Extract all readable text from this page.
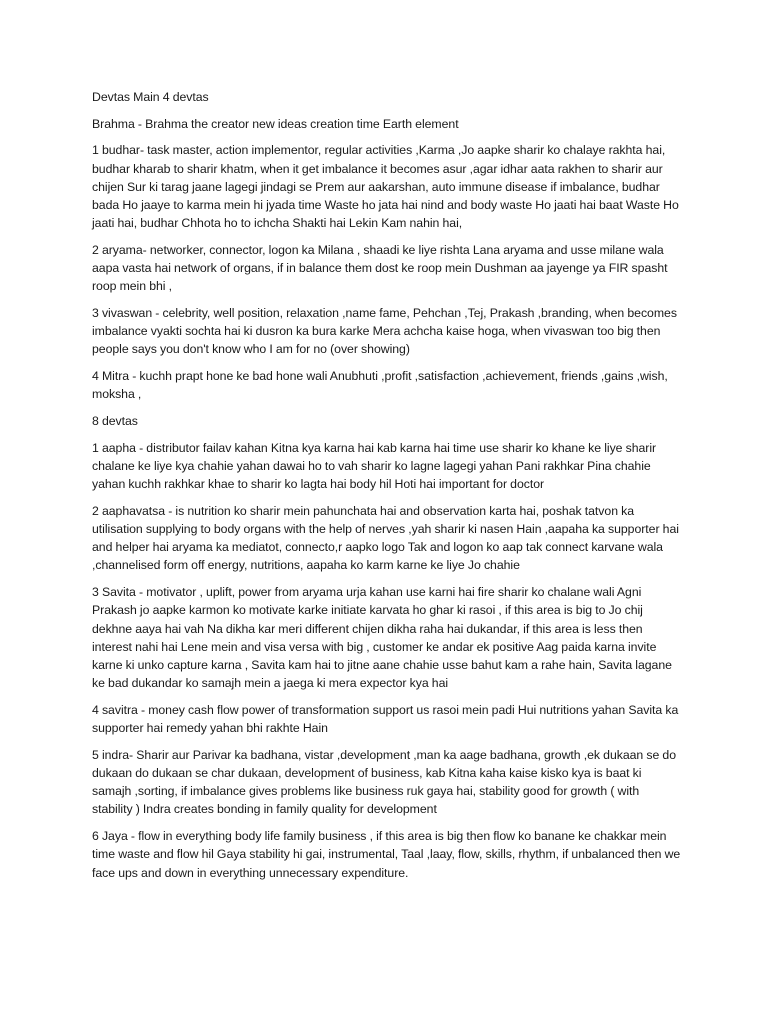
Devtas Main 4 devtas

Brahma - Brahma the creator new ideas creation time Earth element

1 budhar- task master, action implementor, regular activities ,Karma ,Jo aapke sharir ko chalaye rakhta hai, budhar kharab to sharir khatm, when it get imbalance it becomes asur ,agar idhar aata rakhen to sharir aur chijen Sur ki tarag jaane lagegi jindagi se Prem aur aakarshan, auto immune disease if imbalance, budhar bada Ho jaaye to karma mein hi jyada time Waste ho jata hai nind and body waste Ho jaati hai baat Waste Ho jaati hai, budhar Chhota ho to ichcha Shakti hai Lekin Kam nahin hai,

2 aryama- networker, connector, logon ka Milana , shaadi ke liye rishta Lana aryama and usse milane wala aapa vasta hai network of organs, if in balance them dost ke roop mein Dushman aa jayenge ya FIR spasht roop mein bhi ,

3 vivaswan - celebrity, well position, relaxation ,name fame, Pehchan ,Tej, Prakash ,branding, when becomes imbalance vyakti sochta hai ki dusron ka bura karke Mera achcha kaise hoga, when vivaswan too big then people says you don't know who I am for no (over showing)

4 Mitra - kuchh prapt hone ke bad hone wali Anubhuti ,profit ,satisfaction ,achievement, friends ,gains ,wish, moksha ,

8 devtas

1 aapha - distributor failav kahan Kitna kya karna hai kab karna hai time use sharir ko khane ke liye sharir chalane ke liye kya chahie yahan dawai ho to vah sharir ko lagne lagegi yahan Pani rakhkar Pina chahie yahan kuchh rakhkar khae to sharir ko lagta hai body hil Hoti hai important for doctor

2 aaphavatsa - is nutrition ko sharir mein pahunchata hai and observation karta hai, poshak tatvon ka utilisation supplying to body organs with the help of nerves ,yah sharir ki nasen Hain ,aapaha ka supporter hai and helper hai aryama ka mediatot, connecto,r aapko logo Tak and logon ko aap tak connect karvane wala ,channelised form off energy, nutritions, aapaha ko karm karne ke liye Jo chahie

3 Savita - motivator , uplift, power from aryama urja kahan use karni hai fire sharir ko chalane wali Agni Prakash jo aapke karmon ko motivate karke initiate karvata ho ghar ki rasoi , if this area is big to Jo chij dekhne aaya hai vah Na dikha kar meri different chijen dikha raha hai dukandar, if this area is less then interest nahi hai Lene mein and visa versa with big , customer ke andar ek positive Aag paida karna invite karne ki unko capture karna , Savita kam hai to jitne aane chahie usse bahut kam a rahe hain, Savita lagane ke bad dukandar ko samajh mein a jaega ki mera expector kya hai

4 savitra - money cash flow power of transformation support us rasoi mein padi Hui nutritions yahan Savita ka supporter hai remedy yahan bhi rakhte Hain

5 indra- Sharir aur Parivar ka badhana, vistar ,development ,man ka aage badhana, growth ,ek dukaan se do dukaan do dukaan se char dukaan, development of business, kab Kitna kaha kaise kisko kya is baat ki samajh ,sorting, if imbalance gives problems like business ruk gaya hai, stability good for growth ( with stability ) Indra creates bonding in family quality for development

6 Jaya - flow in everything body life family business , if this area is big then flow ko banane ke chakkar mein time waste and flow hil Gaya stability hi gai, instrumental, Taal ,laay, flow, skills, rhythm, if unbalanced then we face ups and down in everything unnecessary expenditure.
